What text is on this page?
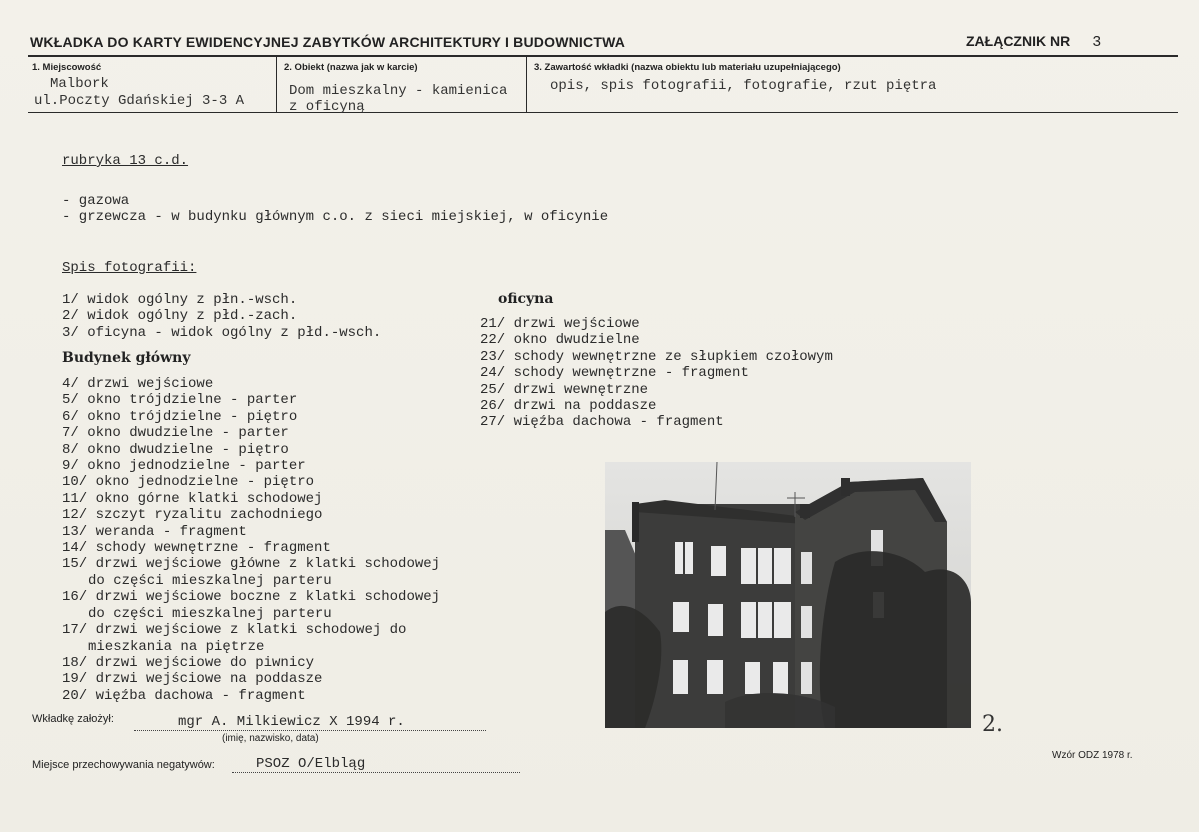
WKŁADKA DO KARTY EWIDENCYJNEJ ZABYTKÓW ARCHITEKTURY I BUDOWNICTWA	ZAŁĄCZNIK NR 3
1. Miejscowość
Malbork
ul.Poczty Gdańskiej 3-3 A
2. Obiekt (nazwa jak w karcie)
Dom mieszkalny - kamienica
z oficyną
3. Zawartość wkładki (nazwa obiektu lub materiału uzupełniającego)
opis, spis fotografii, fotografie, rzut piętra
rubryka 13 c.d.
- gazowa
- grzewcza - w budynku głównym c.o. z sieci miejskiej, w oficynie
Spis fotografii:
1/ widok ogólny z płn.-wsch.
2/ widok ogólny z płd.-zach.
3/ oficyna - widok ogólny z płd.-wsch.
Budynek główny
4/ drzwi wejściowe
5/ okno trójdzielne - parter
6/ okno trójdzielne - piętro
7/ okno dwudzielne - parter
8/ okno dwudzielne - piętro
9/ okno jednodzielne - parter
10/ okno jednodzielne - piętro
11/ okno górne klatki schodowej
12/ szczyt ryzalitu zachodniego
13/ weranda - fragment
14/ schody wewnętrzne - fragment
15/ drzwi wejściowe główne z klatki schodowej
do części mieszkalnej parteru
16/ drzwi wejściowe boczne z klatki schodowej
do części mieszkalnej parteru
17/ drzwi wejściowe z klatki schodowej do
mieszkania na piętrze
18/ drzwi wejściowe do piwnicy
19/ drzwi wejściowe na poddasze
20/ więźba dachowa - fragment
oficyna
21/ drzwi wejściowe
22/ okno dwudzielne
23/ schody wewnętrzne ze słupkiem czołowym
24/ schody wewnętrzne - fragment
25/ drzwi wewnętrzne
26/ drzwi na poddasze
27/ więźba dachowa - fragment
2.
Wkładkę założył:	mgr A. Milkiewicz X 1994 r.
(imię, nazwisko, data)
Miejsce przechowywania negatywów:	PSOZ O/Elbląg
Wzór ODZ 1978 r.
